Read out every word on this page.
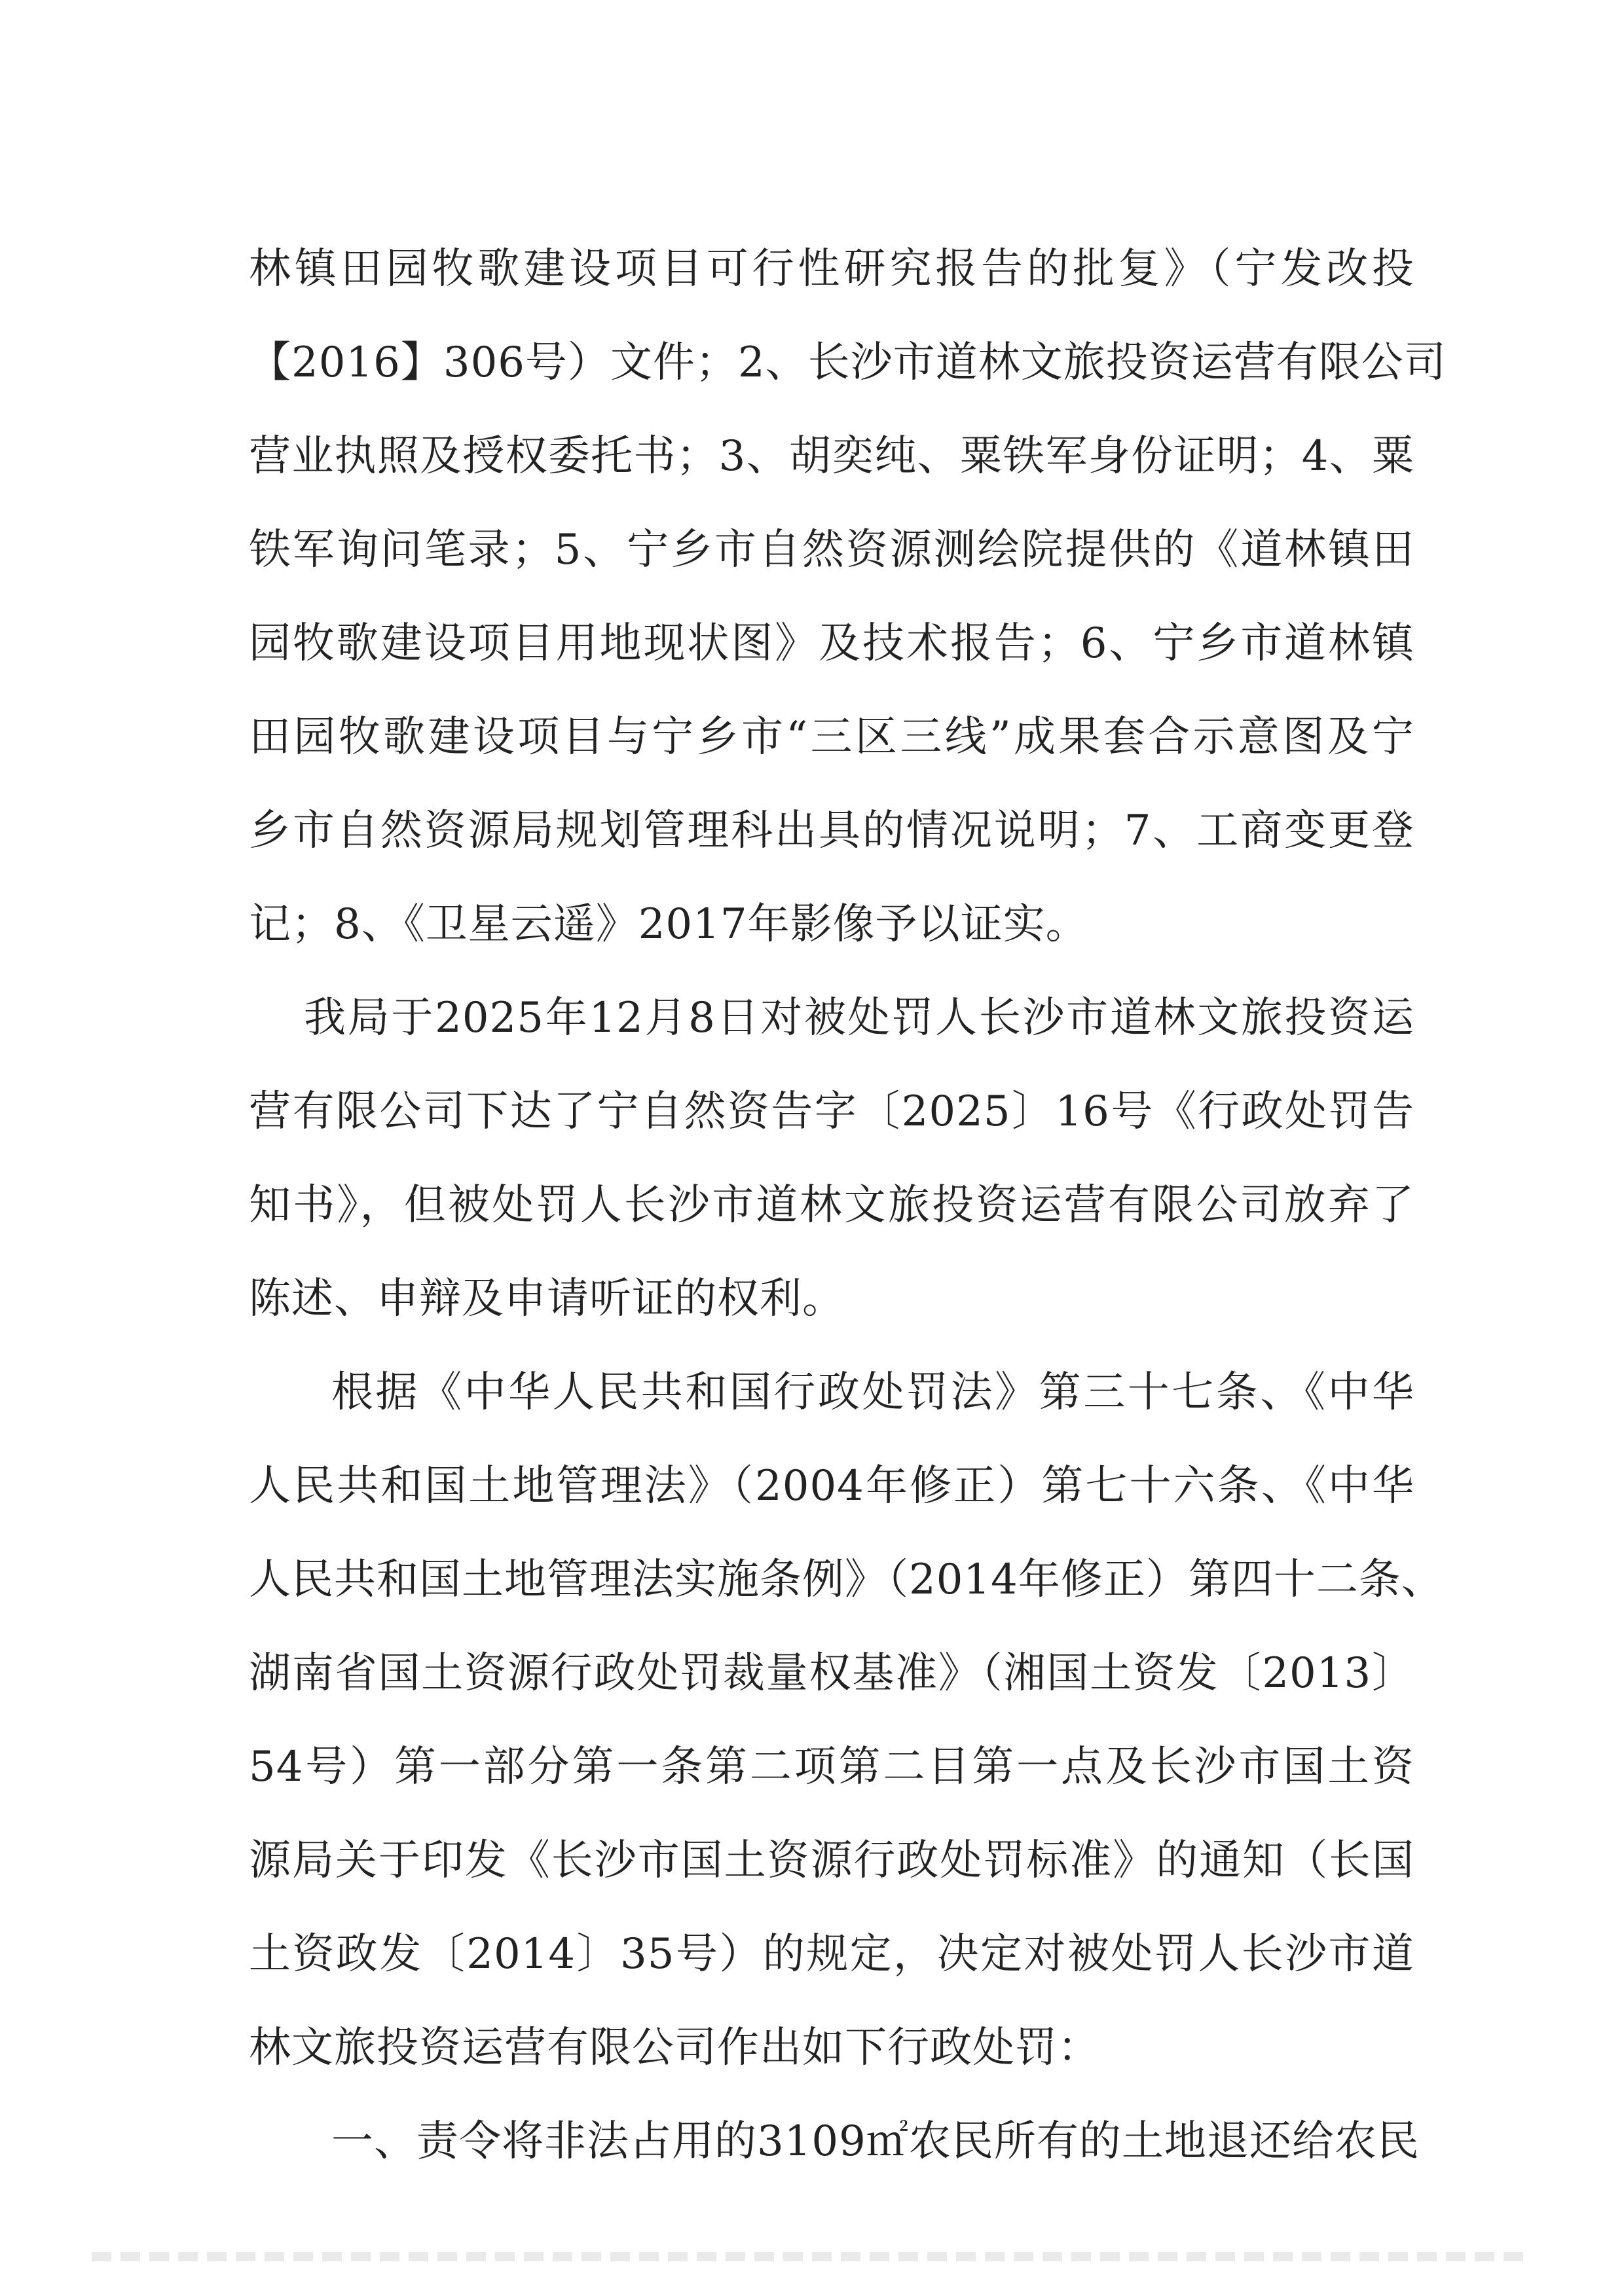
林镇田园牧歌建设项目可行性研究报告的批复》（宁发改投
【2016】306号）文件；2、长沙市道林文旅投资运营有限公司
营业执照及授权委托书；3、胡奕纯、粟铁军身份证明；4、粟
铁军询问笔录；5、宁乡市自然资源测绘院提供的《道林镇田
园牧歌建设项目用地现状图》及技术报告；6、宁乡市道林镇
田园牧歌建设项目与宁乡市“三区三线”成果套合示意图及宁
乡市自然资源局规划管理科出具的情况说明；7、工商变更登
记；8、《卫星云遥》2017年影像予以证实。
我局于2025年12月8日对被处罚人长沙市道林文旅投资运
营有限公司下达了宁自然资告字〔2025〕16号《行政处罚告
知书》，但被处罚人长沙市道林文旅投资运营有限公司放弃了
陈述、申辩及申请听证的权利。
根据《中华人民共和国行政处罚法》第三十七条、《中华
人民共和国土地管理法》（2004年修正）第七十六条、《中华
人民共和国土地管理法实施条例》（2014年修正）第四十二条、
湖南省国土资源行政处罚裁量权基准》（湘国土资发〔2013〕
54号）第一部分第一条第二项第二目第一点及长沙市国土资
源局关于印发《长沙市国土资源行政处罚标准》的通知（长国
土资政发〔2014〕35号）的规定，决定对被处罚人长沙市道
林文旅投资运营有限公司作出如下行政处罚：
一、责令将非法占用的3109㎡农民所有的土地退还给农民
